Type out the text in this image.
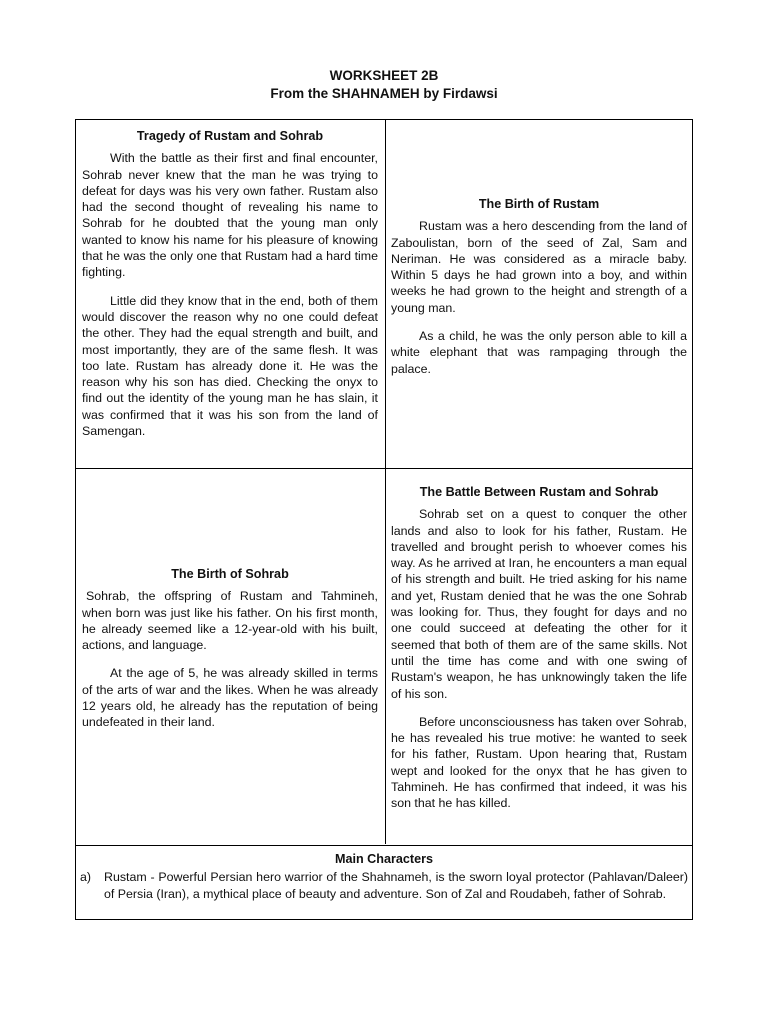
WORKSHEET 2B
From the SHAHNAMEH by Firdawsi
Tragedy of Rustam and Sohrab

With the battle as their first and final encounter, Sohrab never knew that the man he was trying to defeat for days was his very own father. Rustam also had the second thought of revealing his name to Sohrab for he doubted that the young man only wanted to know his name for his pleasure of knowing that he was the only one that Rustam had a hard time fighting.

Little did they know that in the end, both of them would discover the reason why no one could defeat the other. They had the equal strength and built, and most importantly, they are of the same flesh. It was too late. Rustam has already done it. He was the reason why his son has died. Checking the onyx to find out the identity of the young man he has slain, it was confirmed that it was his son from the land of Samengan.

The Birth of Rustam

Rustam was a hero descending from the land of Zaboulistan, born of the seed of Zal, Sam and Neriman. He was considered as a miracle baby. Within 5 days he had grown into a boy, and within weeks he had grown to the height and strength of a young man.

As a child, he was the only person able to kill a white elephant that was rampaging through the palace.

The Birth of Sohrab

Sohrab, the offspring of Rustam and Tahmineh, when born was just like his father. On his first month, he already seemed like a 12-year-old with his built, actions, and language.

At the age of 5, he was already skilled in terms of the arts of war and the likes. When he was already 12 years old, he already has the reputation of being undefeated in their land.

The Battle Between Rustam and Sohrab

Sohrab set on a quest to conquer the other lands and also to look for his father, Rustam. He travelled and brought perish to whoever comes his way. As he arrived at Iran, he encounters a man equal of his strength and built. He tried asking for his name and yet, Rustam denied that he was the one Sohrab was looking for. Thus, they fought for days and no one could succeed at defeating the other for it seemed that both of them are of the same skills. Not until the time has come and with one swing of Rustam's weapon, he has unknowingly taken the life of his son.

Before unconsciousness has taken over Sohrab, he has revealed his true motive: he wanted to seek for his father, Rustam. Upon hearing that, Rustam wept and looked for the onyx that he has given to Tahmineh. He has confirmed that indeed, it was his son that he has killed.

Main Characters
a)	Rustam - Powerful Persian hero warrior of the Shahnameh, is the sworn loyal protector (Pahlavan/Daleer) of Persia (Iran), a mythical place of beauty and adventure. Son of Zal and Roudabeh, father of Sohrab.
